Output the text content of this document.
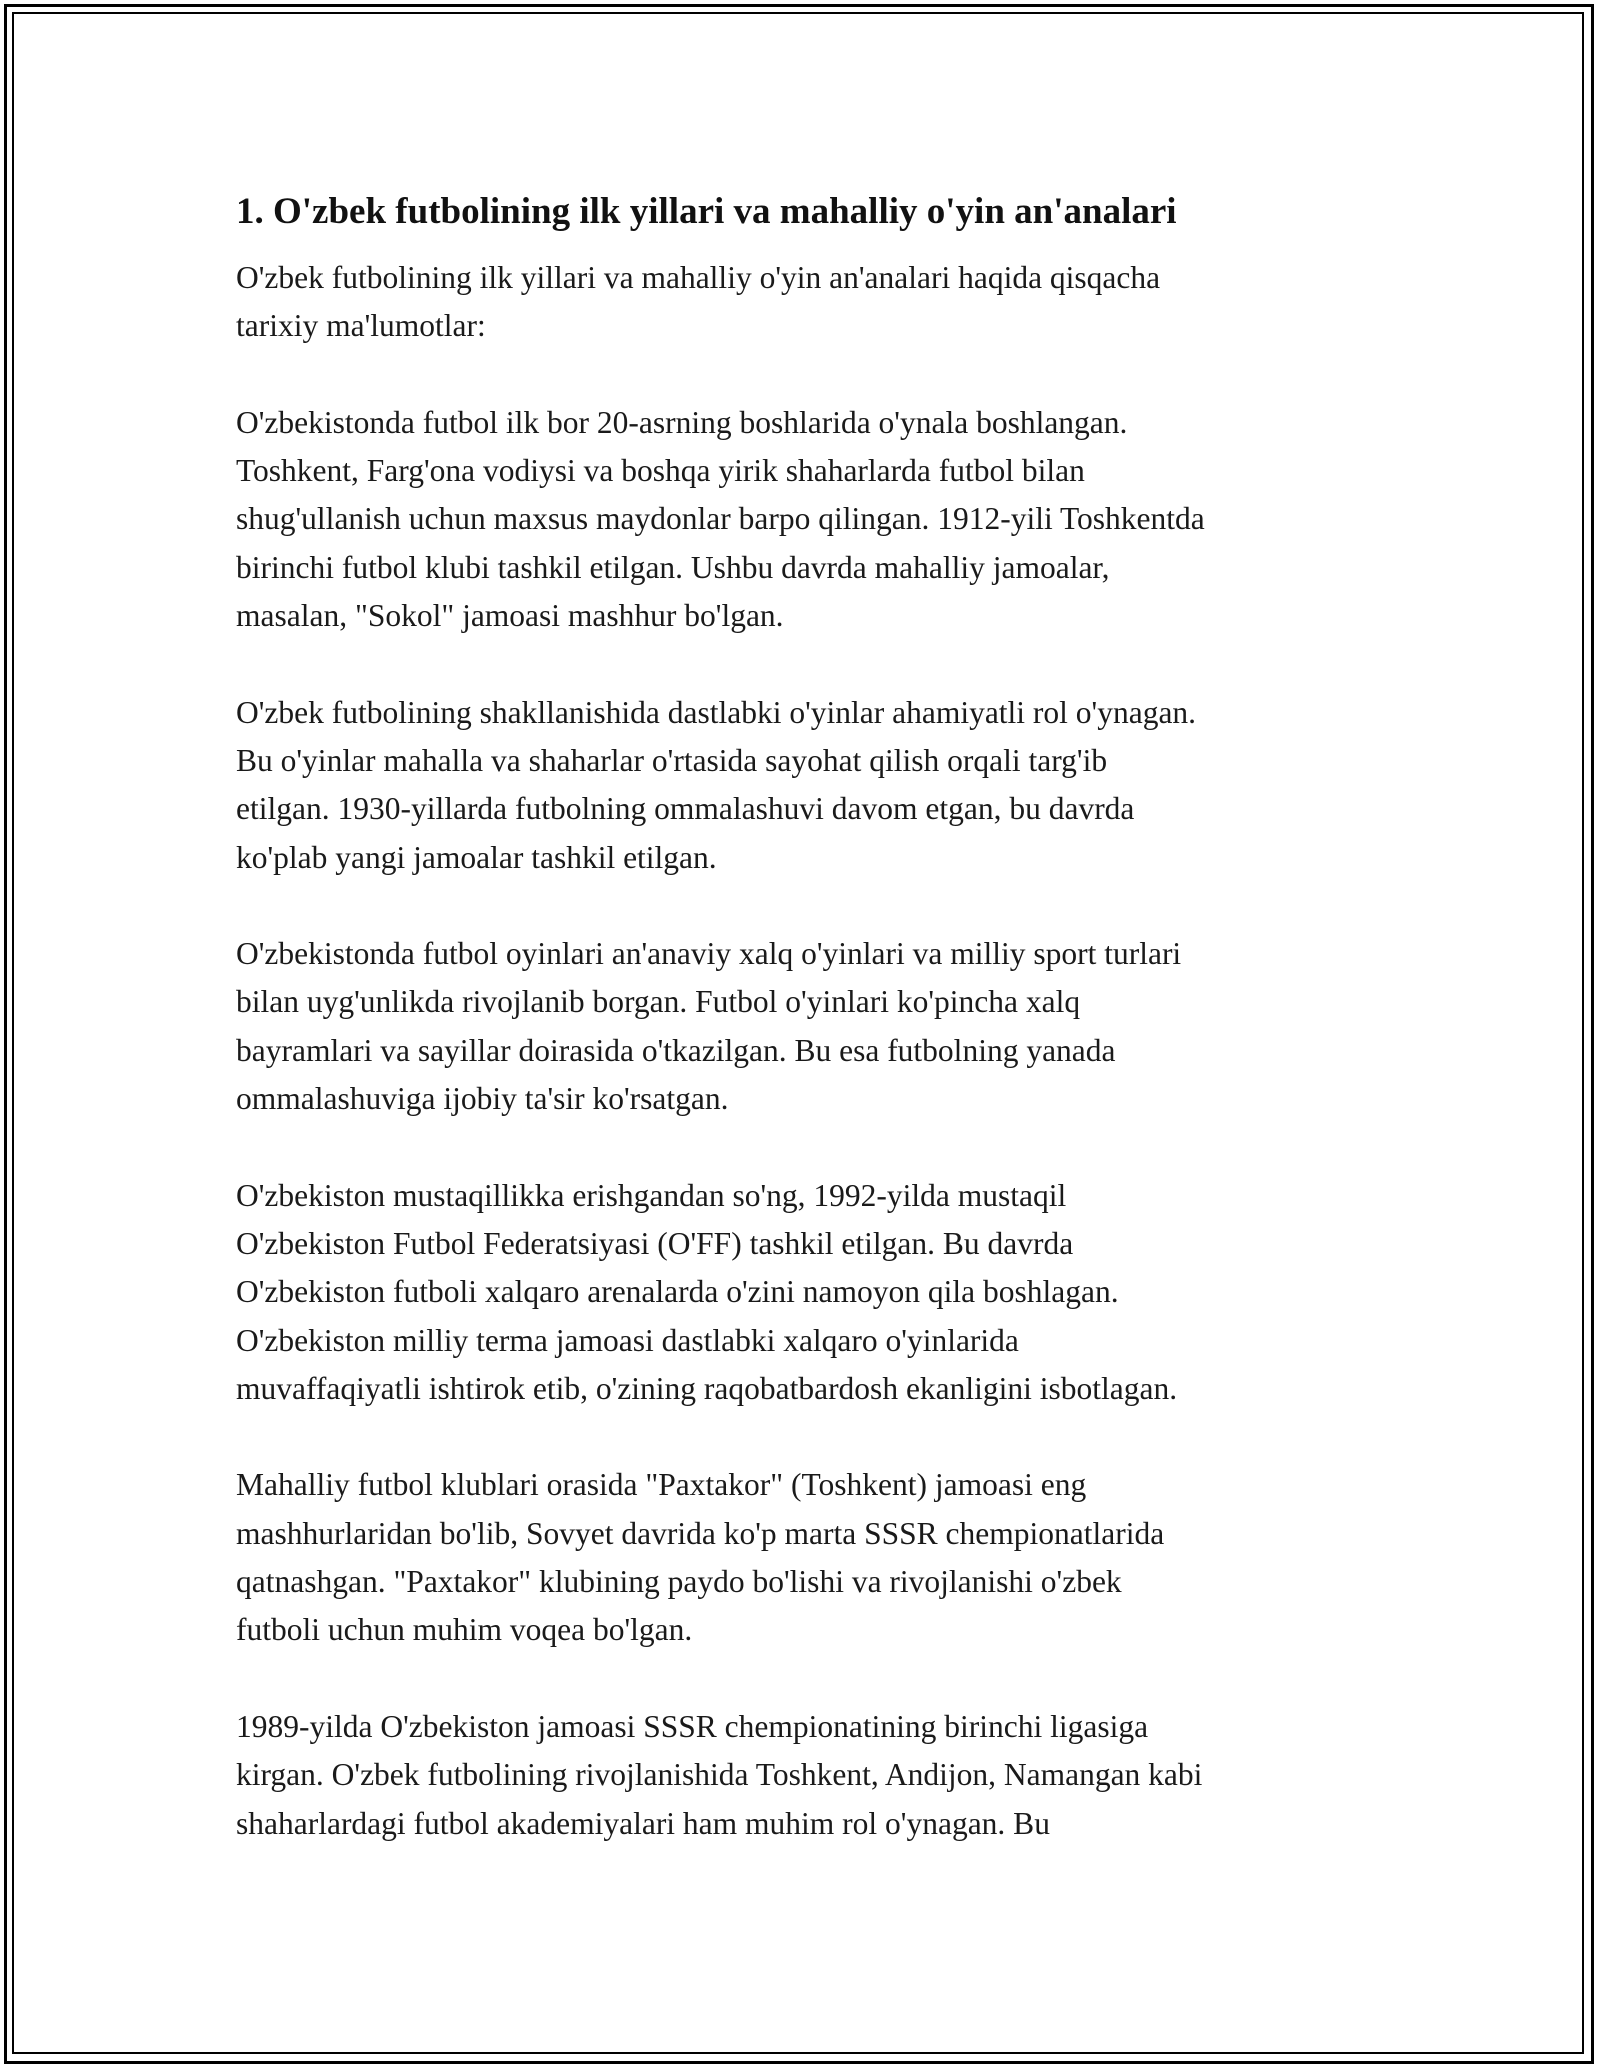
1. O'zbek futbolining ilk yillari va mahalliy o'yin an'analari

O'zbek futbolining ilk yillari va mahalliy o'yin an'analari haqida qisqacha
tarixiy ma'lumotlar:

O'zbekistonda futbol ilk bor 20-asrning boshlarida o'ynala boshlangan.
Toshkent, Farg'ona vodiysi va boshqa yirik shaharlarda futbol bilan
shug'ullanish uchun maxsus maydonlar barpo qilingan. 1912-yili Toshkentda
birinchi futbol klubi tashkil etilgan. Ushbu davrda mahalliy jamoalar,
masalan, "Sokol" jamoasi mashhur bo'lgan.

O'zbek futbolining shakllanishida dastlabki o'yinlar ahamiyatli rol o'ynagan.
Bu o'yinlar mahalla va shaharlar o'rtasida sayohat qilish orqali targ'ib
etilgan. 1930-yillarda futbolning ommalashuvi davom etgan, bu davrda
ko'plab yangi jamoalar tashkil etilgan.

O'zbekistonda futbol oyinlari an'anaviy xalq o'yinlari va milliy sport turlari
bilan uyg'unlikda rivojlanib borgan. Futbol o'yinlari ko'pincha xalq
bayramlari va sayillar doirasida o'tkazilgan. Bu esa futbolning yanada
ommalashuviga ijobiy ta'sir ko'rsatgan.

O'zbekiston mustaqillikka erishgandan so'ng, 1992-yilda mustaqil
O'zbekiston Futbol Federatsiyasi (O'FF) tashkil etilgan. Bu davrda
O'zbekiston futboli xalqaro arenalarda o'zini namoyon qila boshlagan.
O'zbekiston milliy terma jamoasi dastlabki xalqaro o'yinlarida
muvaffaqiyatli ishtirok etib, o'zining raqobatbardosh ekanligini isbotlagan.

Mahalliy futbol klublari orasida "Paxtakor" (Toshkent) jamoasi eng
mashhurlaridan bo'lib, Sovyet davrida ko'p marta SSSR chempionatlarida
qatnashgan. "Paxtakor" klubining paydo bo'lishi va rivojlanishi o'zbek
futboli uchun muhim voqea bo'lgan.

1989-yilda O'zbekiston jamoasi SSSR chempionatining birinchi ligasiga
kirgan. O'zbek futbolining rivojlanishida Toshkent, Andijon, Namangan kabi
shaharlardagi futbol akademiyalari ham muhim rol o'ynagan. Bu
